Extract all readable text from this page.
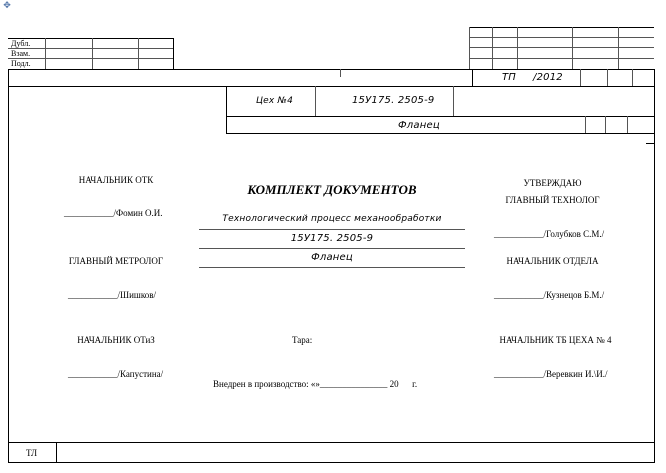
✥
Дубл.
Взам.
Подл.
ТП /2012
Цех №4	15У175. 2505-9
Фланец
КОМПЛЕКТ ДОКУМЕНТОВ
Технологический процесс механообработки
15У175. 2505-9
Фланец
НАЧАЛЬНИК ОТК
___________/Фомин О.И.
ГЛАВНЫЙ МЕТРОЛОГ
___________/Шишков/
НАЧАЛЬНИК ОТиЗ
___________/Капустина/
УТВЕРЖДАЮ
ГЛАВНЫЙ ТЕХНОЛОГ
___________/Голубков С.М./
НАЧАЛЬНИК ОТДЕЛА
___________/Кузнецов Б.М./
НАЧАЛЬНИК ТБ ЦЕХА № 4
___________/Веревкин И.\И./
Тара:
Внедрен в производство: «»_______________ 20      г.
ТЛ
